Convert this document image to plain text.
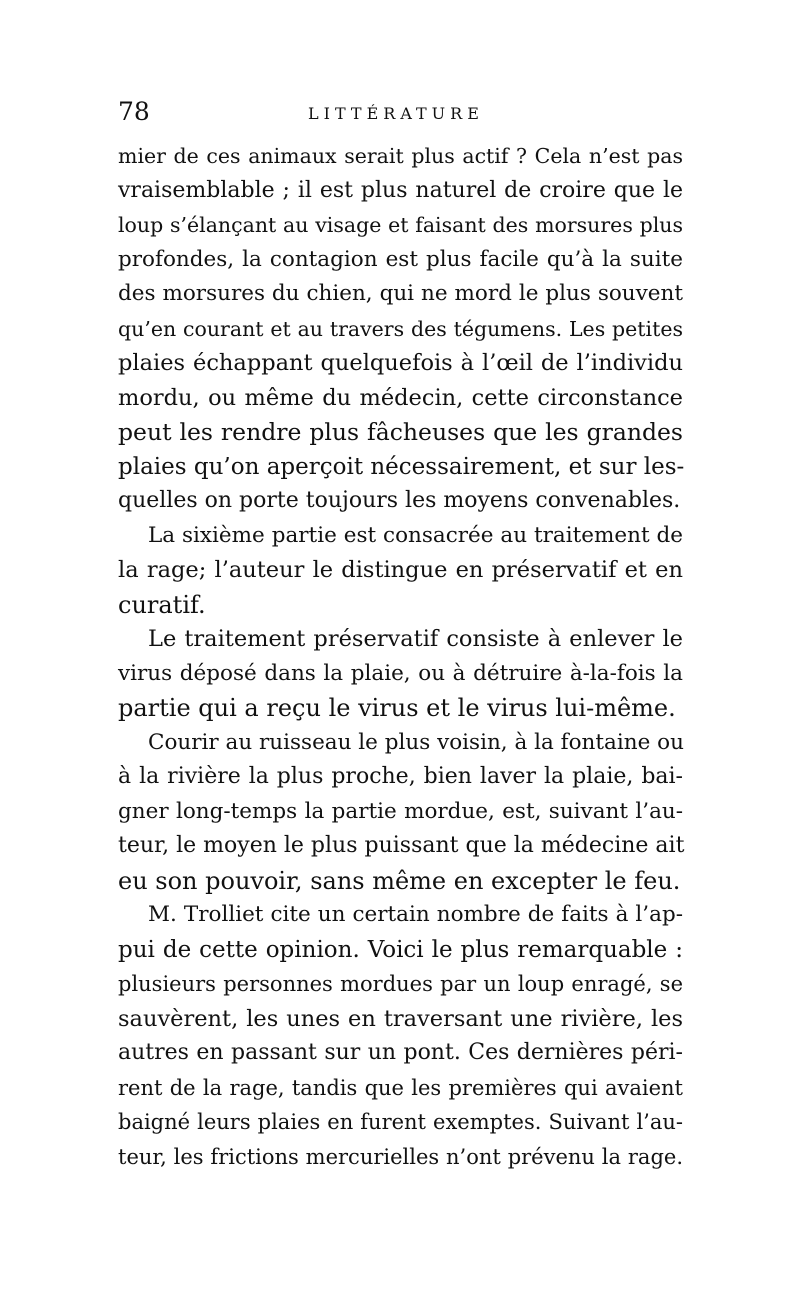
78	LITTÉRATURE
mier de ces animaux serait plus actif ? Cela n’est pas
vraisemblable ; il est plus naturel de croire que le
loup s’élançant au visage et faisant des morsures plus
profondes, la contagion est plus facile qu’à la suite
des morsures du chien, qui ne mord le plus souvent
qu’en courant et au travers des tégumens. Les petites
plaies échappant quelquefois à l’œil de l’individu
mordu, ou même du médecin, cette circonstance
peut les rendre plus fâcheuses que les grandes
plaies qu’on aperçoit nécessairement, et sur les-
quelles on porte toujours les moyens convenables.
La sixième partie est consacrée au traitement de
la rage; l’auteur le distingue en préservatif et en
curatif.
Le traitement préservatif consiste à enlever le
virus déposé dans la plaie, ou à détruire à-la-fois la
partie qui a reçu le virus et le virus lui-même.
Courir au ruisseau le plus voisin, à la fontaine ou
à la rivière la plus proche, bien laver la plaie, bai-
gner long-temps la partie mordue, est, suivant l’au-
teur, le moyen le plus puissant que la médecine ait
eu son pouvoir, sans même en excepter le feu.
M. Trolliet cite un certain nombre de faits à l’ap-
pui de cette opinion. Voici le plus remarquable :
plusieurs personnes mordues par un loup enragé, se
sauvèrent, les unes en traversant une rivière, les
autres en passant sur un pont. Ces dernières péri-
rent de la rage, tandis que les premières qui avaient
baigné leurs plaies en furent exemptes. Suivant l’au-
teur, les frictions mercurielles n’ont prévenu la rage.
